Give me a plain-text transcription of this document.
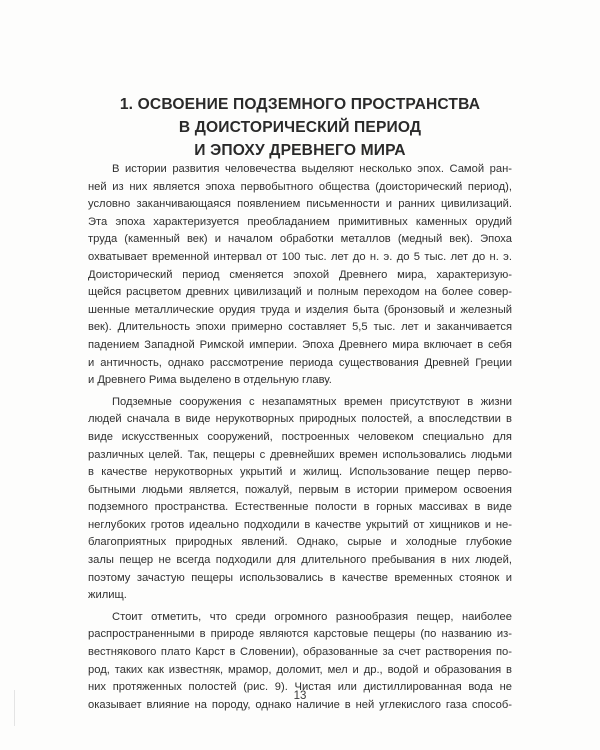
1. ОСВОЕНИЕ ПОДЗЕМНОГО ПРОСТРАНСТВА
В ДОИСТОРИЧЕСКИЙ ПЕРИОД
И ЭПОХУ ДРЕВНЕГО МИРА
В истории развития человечества выделяют несколько эпох. Самой ран-
ней из них является эпоха первобытного общества (доисторический период),
условно заканчивающаяся появлением письменности и ранних цивилизаций.
Эта эпоха характеризуется преобладанием примитивных каменных орудий
труда (каменный век) и началом обработки металлов (медный век). Эпоха
охватывает временной интервал от 100 тыс. лет до н. э. до 5 тыс. лет до н. э.
Доисторический период сменяется эпохой Древнего мира, характеризую-
щейся расцветом древних цивилизаций и полным переходом на более совер-
шенные металлические орудия труда и изделия быта (бронзовый и железный
век). Длительность эпохи примерно составляет 5,5 тыс. лет и заканчивается
падением Западной Римской империи. Эпоха Древнего мира включает в себя
и античность, однако рассмотрение периода существования Древней Греции
и Древнего Рима выделено в отдельную главу.
Подземные сооружения с незапамятных времен присутствуют в жизни
людей сначала в виде нерукотворных природных полостей, а впоследствии в
виде искусственных сооружений, построенных человеком специально для
различных целей. Так, пещеры с древнейших времен использовались людьми
в качестве нерукотворных укрытий и жилищ. Использование пещер перво-
бытными людьми является, пожалуй, первым в истории примером освоения
подземного пространства. Естественные полости в горных массивах в виде
неглубоких гротов идеально подходили в качестве укрытий от хищников и не-
благоприятных природных явлений. Однако, сырые и холодные глубокие
залы пещер не всегда подходили для длительного пребывания в них людей,
поэтому зачастую пещеры использовались в качестве временных стоянок и
жилищ.
Стоит отметить, что среди огромного разнообразия пещер, наиболее
распространенными в природе являются карстовые пещеры (по названию из-
вестнякового плато Карст в Словении), образованные за счет растворения по-
род, таких как известняк, мрамор, доломит, мел и др., водой и образования в
них протяженных полостей (рис. 9). Чистая или дистиллированная вода не
оказывает влияние на породу, однако наличие в ней углекислого газа способ-
13
